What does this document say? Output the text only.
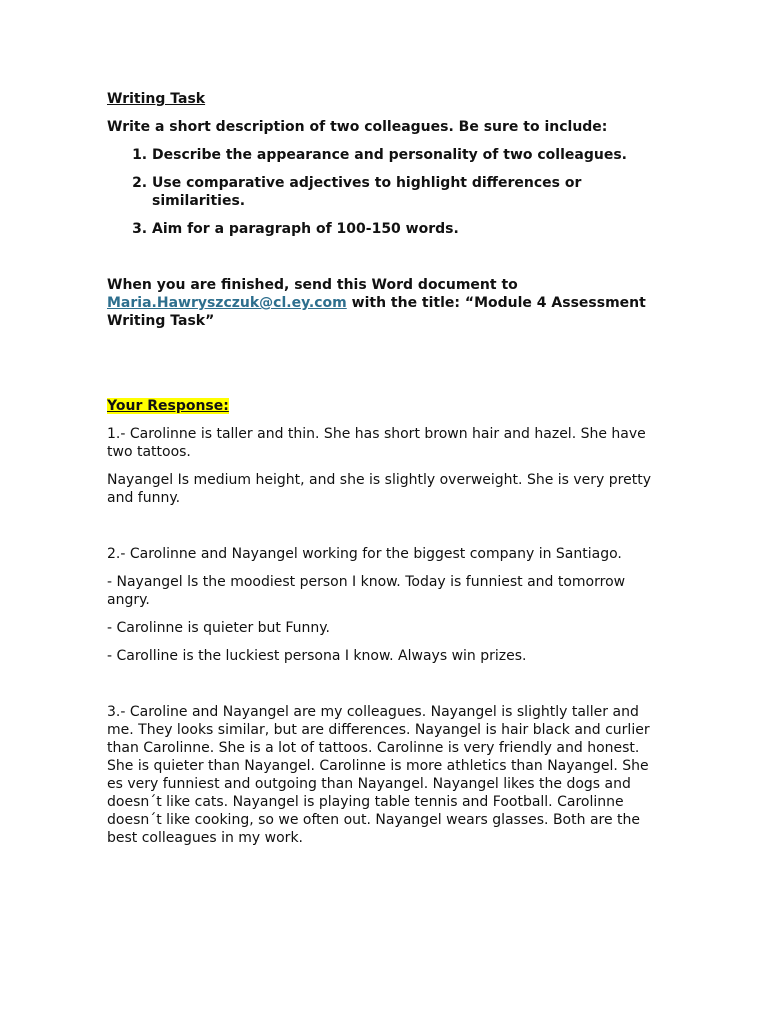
Writing Task

Write a short description of two colleagues. Be sure to include:

1. Describe the appearance and personality of two colleagues.
2. Use comparative adjectives to highlight differences or similarities.
3. Aim for a paragraph of 100-150 words.

When you are finished, send this Word document to
Maria.Hawryszczuk@cl.ey.com with the title: “Module 4 Assessment Writing Task”

Your Response:

1.- Carolinne is taller and thin. She has short brown hair and hazel. She have two tattoos.

Nayangel Is medium height, and she is slightly overweight. She is very pretty and funny.

2.- Carolinne and Nayangel working for the biggest company in Santiago.

- Nayangel ls the moodiest person I know. Today is funniest and tomorrow angry.

- Carolinne is quieter but Funny.

- Carolline is the luckiest persona I know. Always win prizes.

3.- Caroline and Nayangel are my colleagues. Nayangel is slightly taller and me. They looks similar, but are differences. Nayangel is hair black and curlier than Carolinne. She is a lot of tattoos. Carolinne is very friendly and honest. She is quieter than Nayangel. Carolinne is more athletics than Nayangel. She es very funniest and outgoing than Nayangel. Nayangel likes the dogs and doesn´t like cats. Nayangel is playing table tennis and Football. Carolinne doesn´t like cooking, so we often out. Nayangel wears glasses. Both are the best colleagues in my work.
